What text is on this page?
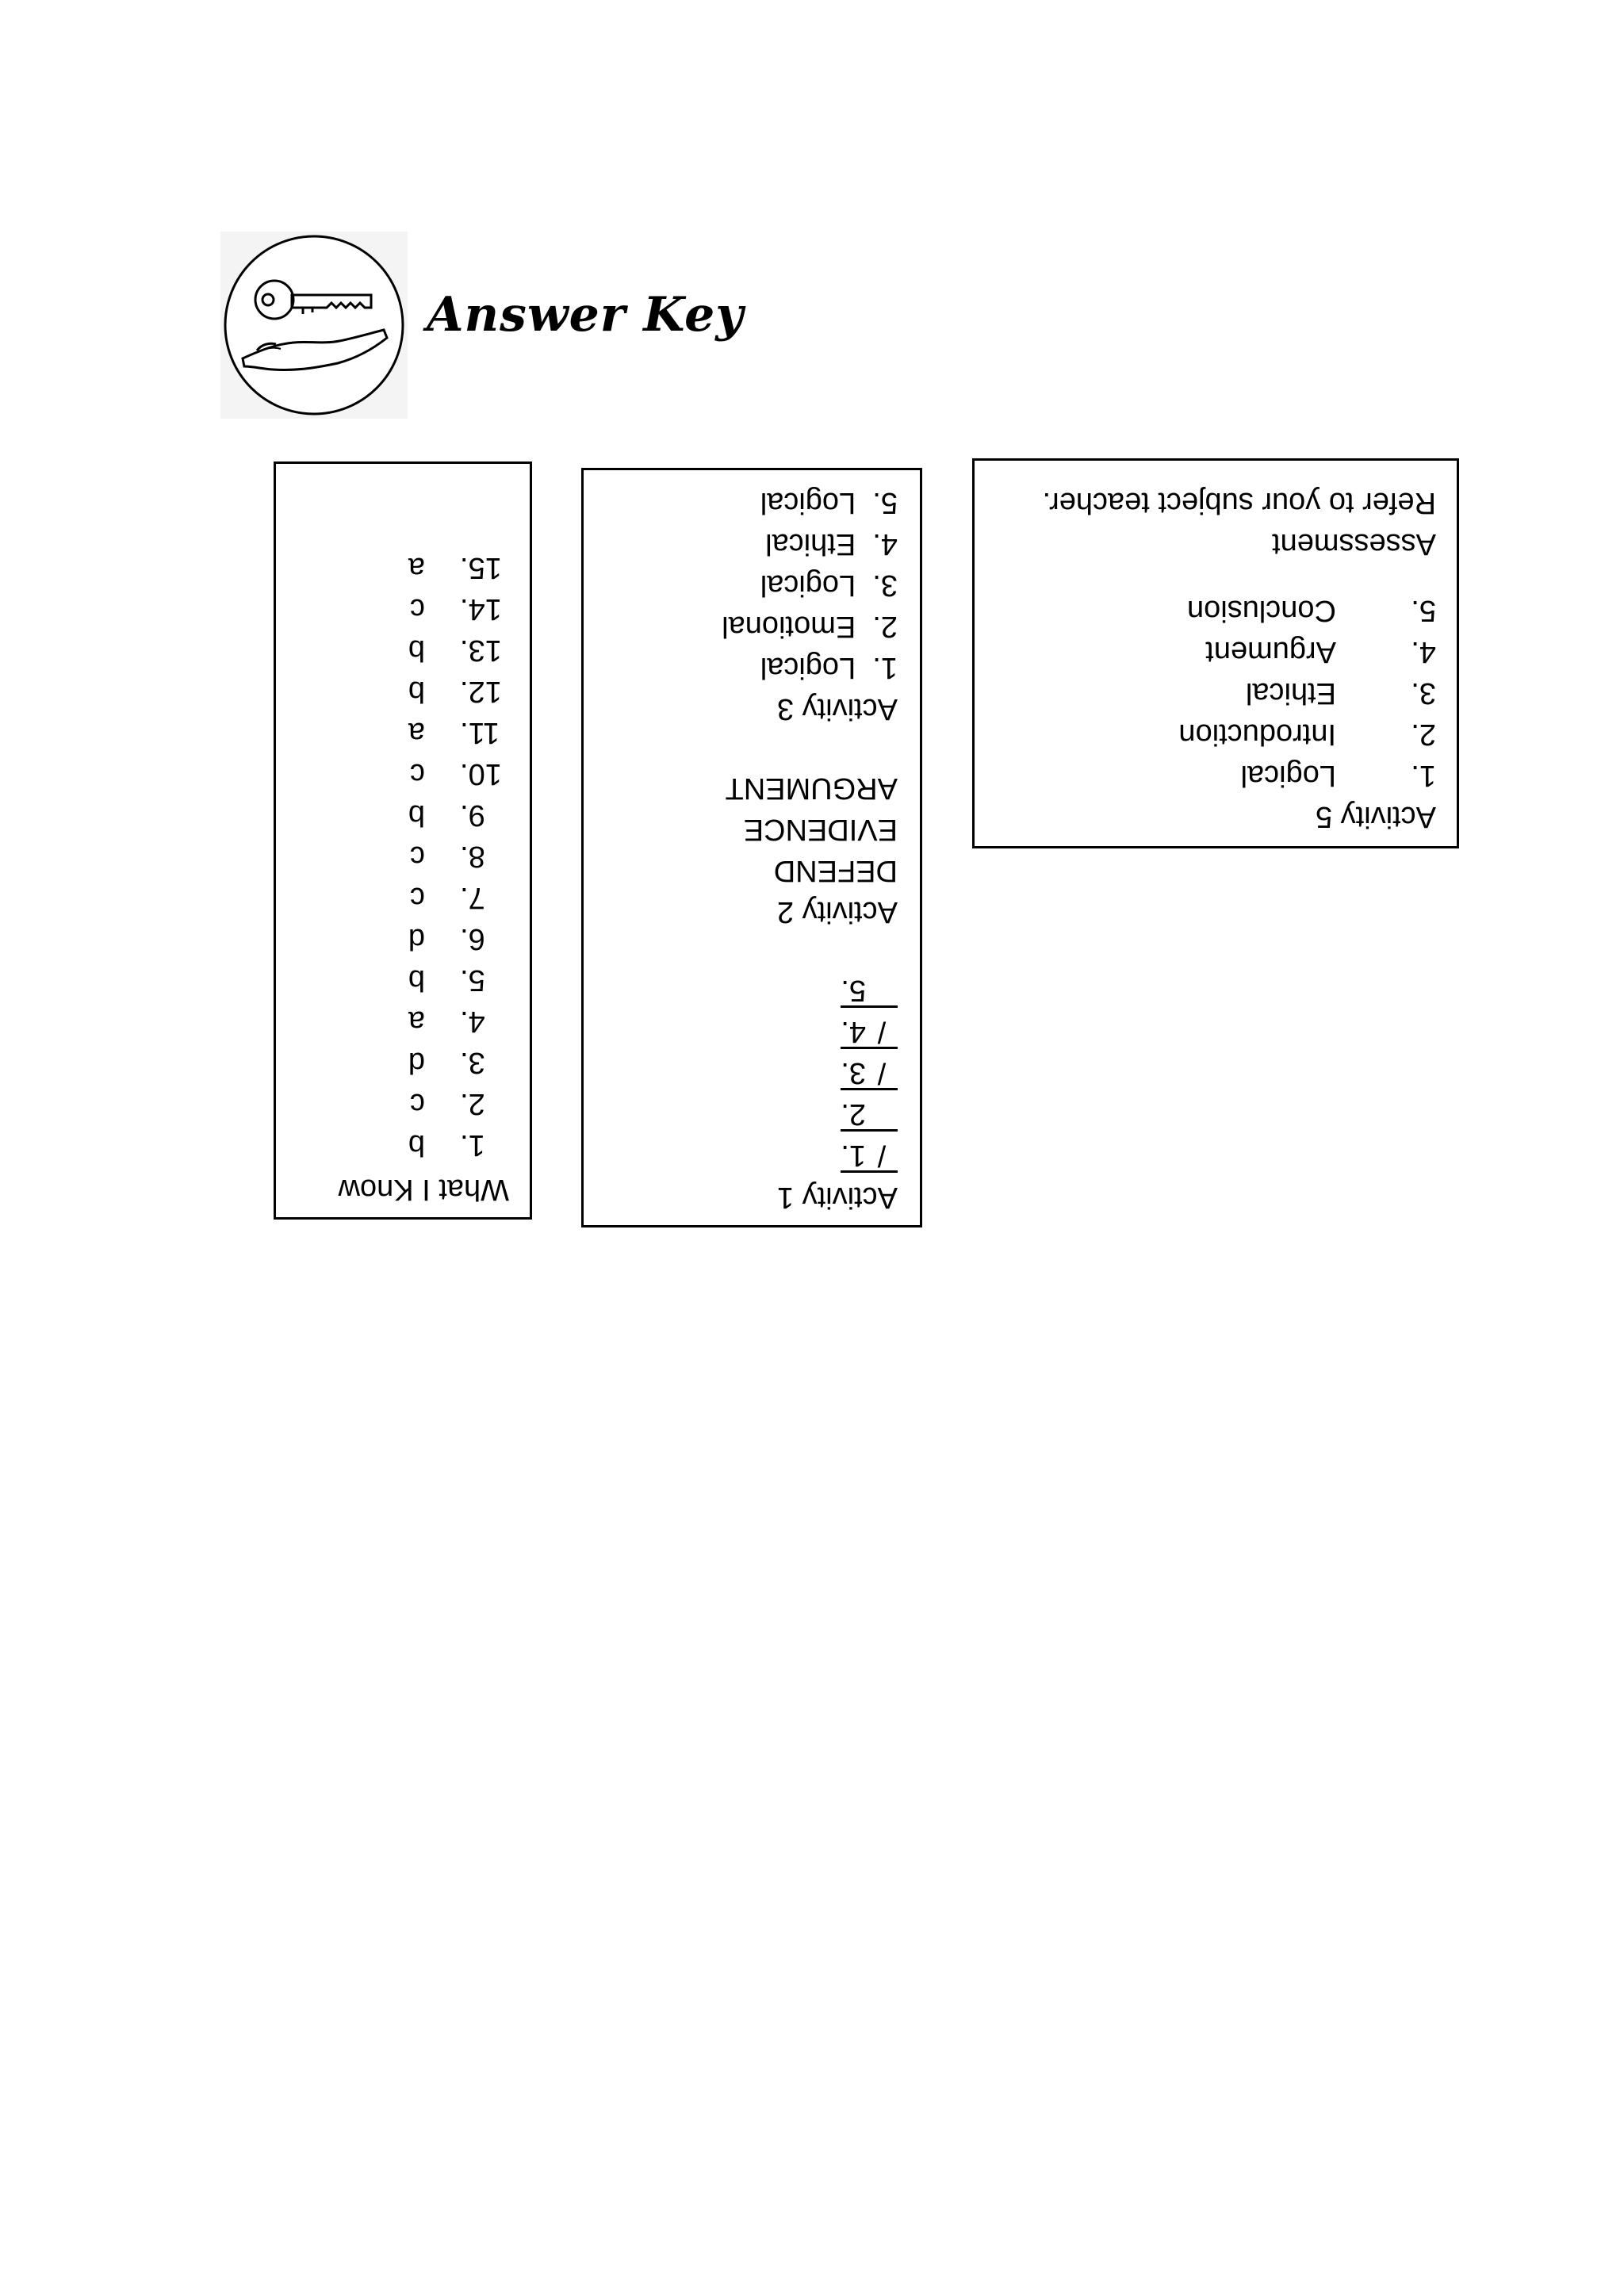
Answer Key
What I Know
1.
b
2.
c
3.
d
4.
a
5.
b
6.
d
7.
c
8.
c
9.
b
10.
c
11.
a
12.
b
13.
b
14.
c
15.
a
Activity 1
/1.
2.
/3.
/4.
5.
Activity 2
DEFEND
EVIDENCE
ARGUMENT
Activity 3
1.  Logical
2.  Emotional
3.  Logical
4.  Ethical
5.  Logical
Activity 5
1.
Logical
2.
Introduction
3.
Ethical
4.
Argument
5.
Conclusion
Assessment
Refer to your subject teacher.
